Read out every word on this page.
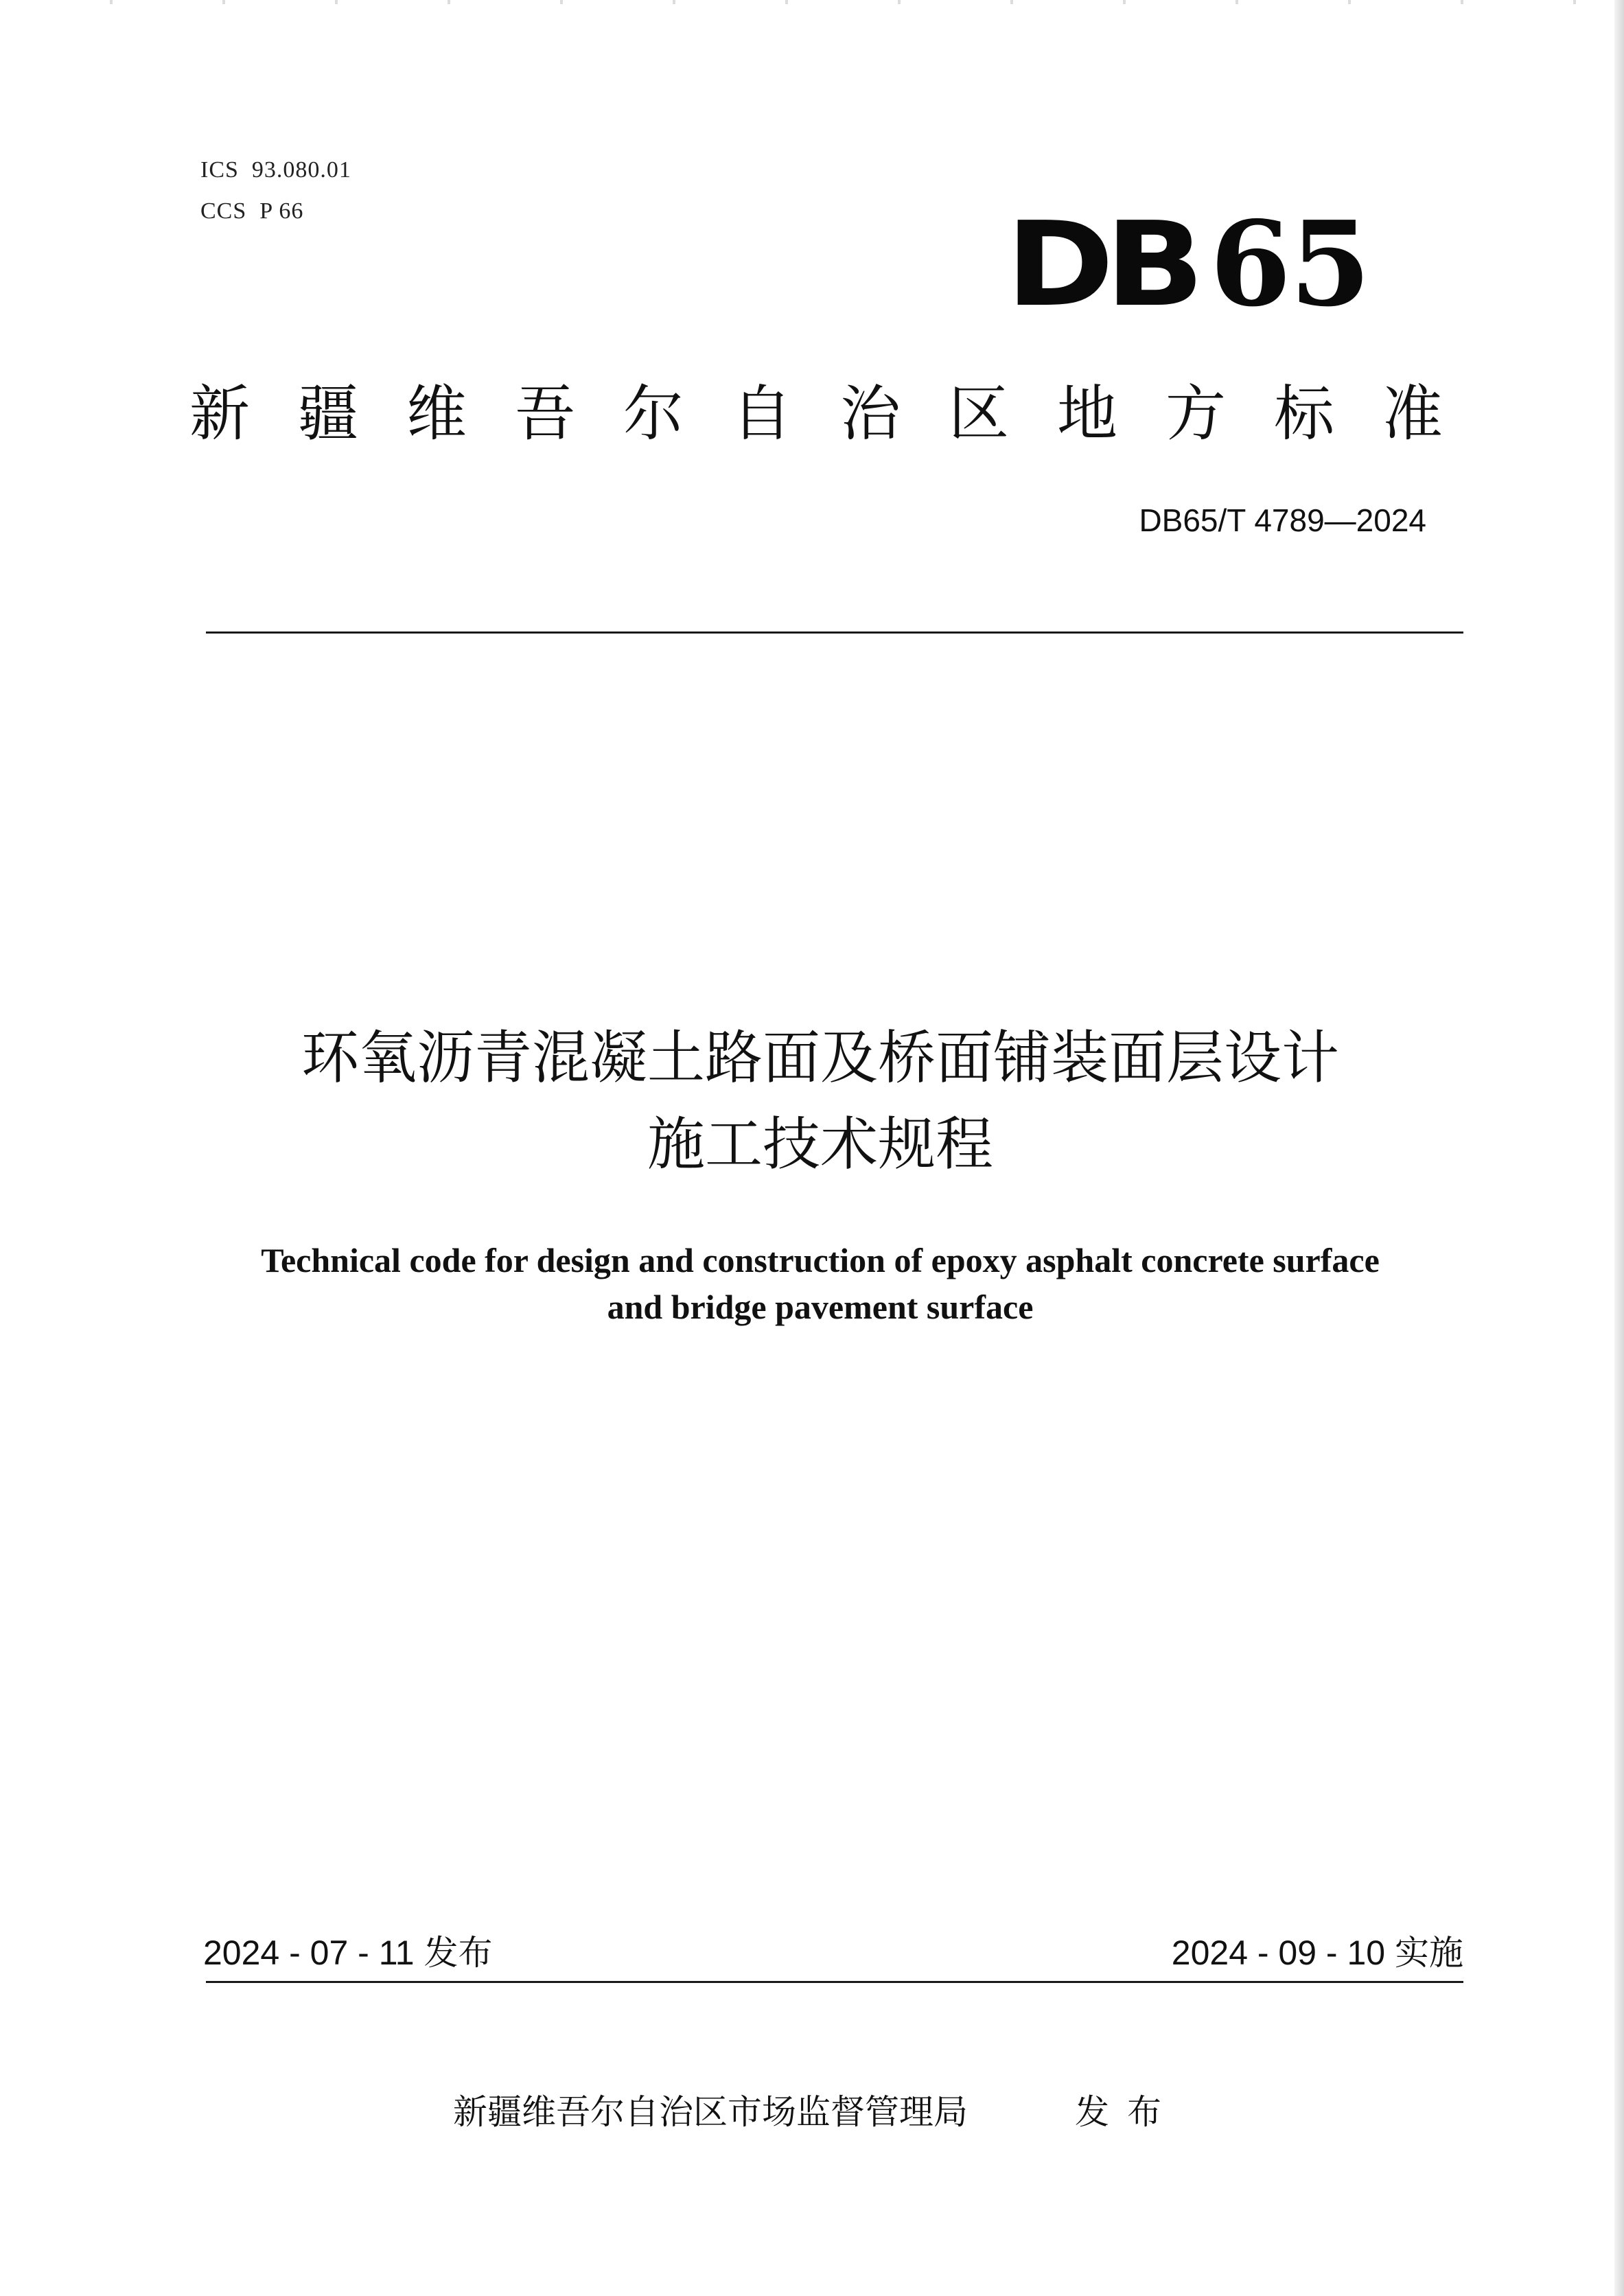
ICS  93.080.01
CCS  P 66	DB 65
新疆维吾尔自治区地方标准
DB65/T 4789—2024
环氧沥青混凝土路面及桥面铺装面层设计
施工技术规程
Technical code for design and construction of epoxy asphalt concrete surface
and bridge pavement surface
2024 - 07 - 11 发布	2024 - 09 - 10 实施
新疆维吾尔自治区市场监督管理局	发布
